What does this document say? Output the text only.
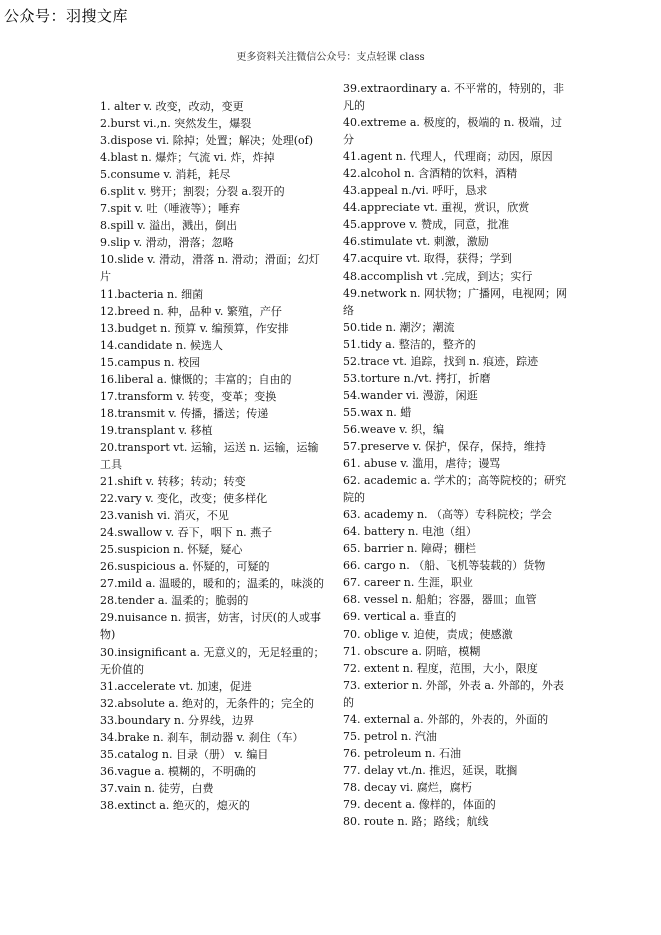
公众号：羽搜文库
更多资料关注微信公众号：支点轻课 class
1. alter v. 改变，改动，变更
2.burst vi.,n. 突然发生，爆裂
3.dispose vi. 除掉；处置；解决；处理(of)
4.blast n. 爆炸；气流 vi. 炸，炸掉
5.consume v. 消耗，耗尽
6.split v. 劈开；割裂；分裂 a.裂开的
7.spit v. 吐（唾液等）；唾弃
8.spill v. 溢出，溅出，倒出
9.slip v. 滑动，滑落；忽略
10.slide v. 滑动，滑落 n. 滑动；滑面；幻灯片
11.bacteria n. 细菌
12.breed n. 种，品种 v. 繁殖，产仔
13.budget n. 预算 v. 编预算，作安排
14.candidate n. 候选人
15.campus n. 校园
16.liberal a. 慷慨的；丰富的；自由的
17.transform v. 转变，变革；变换
18.transmit v. 传播，播送；传递
19.transplant v. 移植
20.transport vt. 运输，运送 n. 运输，运输工具
21.shift v. 转移；转动；转变
22.vary v. 变化，改变；使多样化
23.vanish vi. 消灭，不见
24.swallow v. 吞下，咽下 n. 燕子
25.suspicion n. 怀疑，疑心
26.suspicious a. 怀疑的，可疑的
27.mild a. 温暖的，暖和的；温柔的，味淡的
28.tender a. 温柔的；脆弱的
29.nuisance n. 损害，妨害，讨厌(的人或事物)
30.insignificant a. 无意义的，无足轻重的；无价值的
31.accelerate vt. 加速，促进
32.absolute a. 绝对的，无条件的；完全的
33.boundary n. 分界线，边界
34.brake n. 刹车，制动器 v. 刹住（车）
35.catalog n. 目录（册） v. 编目
36.vague a. 模糊的，不明确的
37.vain n. 徒劳，白费
38.extinct a. 绝灭的，熄灭的
39.extraordinary a. 不平常的，特别的，非凡的
40.extreme a. 极度的，极端的 n. 极端，过分
41.agent n. 代理人，代理商；动因，原因
42.alcohol n. 含酒精的饮料，酒精
43.appeal n./vi. 呼吁，恳求
44.appreciate vt. 重视，赏识，欣赏
45.approve v. 赞成，同意，批准
46.stimulate vt. 刺激，激励
47.acquire vt. 取得，获得；学到
48.accomplish vt .完成，到达；实行
49.network n. 网状物；广播网，电视网；网络
50.tide n. 潮汐；潮流
51.tidy a. 整洁的，整齐的
52.trace vt. 追踪，找到 n. 痕迹，踪迹
53.torture n./vt. 拷打，折磨
54.wander vi. 漫游，闲逛
55.wax n. 蜡
56.weave v. 织，编
57.preserve v. 保护，保存，保持，维持
61. abuse v. 滥用，虐待；谩骂
62. academic a. 学术的；高等院校的；研究院的
63. academy n. （高等）专科院校；学会
64. battery n. 电池（组）
65. barrier n. 障碍；棚栏
66. cargo n. （船、飞机等装载的）货物
67. career n. 生涯，职业
68. vessel n. 船舶；容器，器皿；血管
69. vertical a. 垂直的
70. oblige v. 迫使，责成；使感激
71. obscure a. 阴暗，模糊
72. extent n. 程度，范围，大小，限度
73. exterior n. 外部，外表 a. 外部的，外表的
74. external a. 外部的，外表的，外面的
75. petrol n. 汽油
76. petroleum n. 石油
77. delay vt./n. 推迟，延误，耽搁
78. decay vi. 腐烂，腐朽
79. decent a. 像样的，体面的
80. route n. 路；路线；航线
